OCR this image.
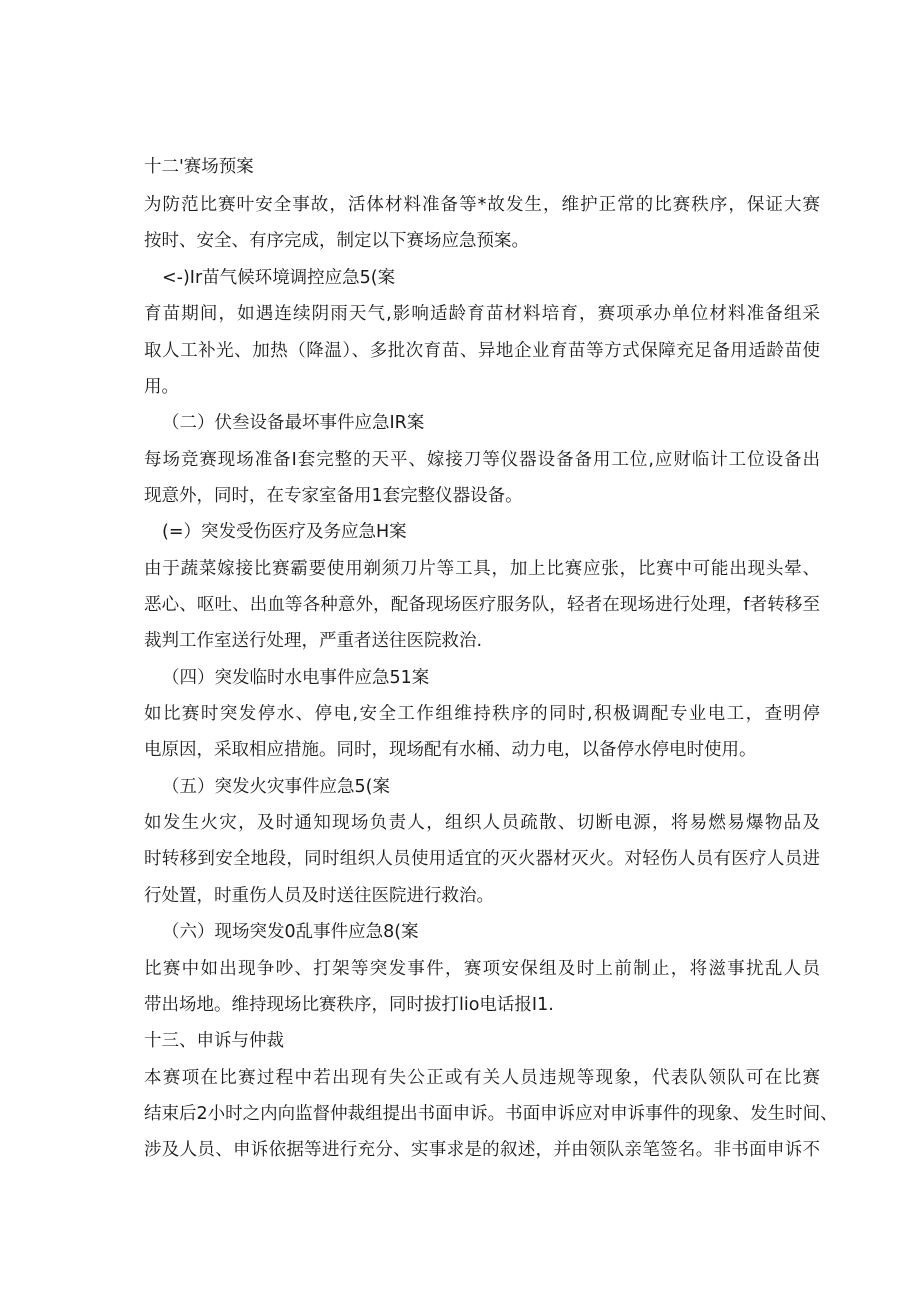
十二'赛场预案
为防范比赛叶安全事故，活体材料准备等*故发生，维护正常的比赛秩序，保证大赛
按时、安全、有序完成，制定以下赛场应急预案。
<-)Ir苗气候环境调控应急5(案
育苗期间，如遇连续阴雨天气,影响适龄育苗材料培育，赛项承办单位材料准备组采
取人工补光、加热（降温）、多批次育苗、异地企业育苗等方式保障充足备用适龄苗使
用。
（二）伏叁设备最坏事件应急IR案
每场竞赛现场准备I套完整的天平、嫁接刀等仪器设备备用工位,应财临计工位设备出
现意外，同时，在专家室备用1套完整仪器设备。
(=）突发受伤医疗及务应急H案
由于蔬菜嫁接比赛霸要使用剃须刀片等工具，加上比赛应张，比赛中可能出现头晕、
恶心、呕吐、出血等各种意外，配备现场医疗服务队，轻者在现场进行处理，f者转移至
裁判工作室送行处理，严重者送往医院救治.
（四）突发临时水电事件应急51案
如比赛时突发停水、停电,安全工作组维持秩序的同时,积极调配专业电工，查明停
电原因，采取相应措施。同时，现场配有水桶、动力电，以备停水停电时使用。
（五）突发火灾事件应急5(案
如发生火灾，及时通知现场负责人，组织人员疏散、切断电源，将易燃易爆物品及
时转移到安全地段，同时组织人员使用适宜的灭火器材灭火。对轻伤人员有医疗人员进
行处置，时重伤人员及时送往医院进行救治。
（六）现场突发0乱事件应急8(案
比赛中如出现争吵、打架等突发事件，赛项安保组及时上前制止，将滋事扰乱人员
带出场地。维持现场比赛秩序，同时拔打lio电话报I1.
十三、申诉与仲裁
本赛项在比赛过程中若出现有失公正或有关人员违规等现象，代表队领队可在比赛
结束后2小时之内向监督仲裁组提出书面申诉。书面申诉应对申诉事件的现象、发生时间、
涉及人员、申诉依据等进行充分、实事求是的叙述，并由领队亲笔签名。非书面申诉不
